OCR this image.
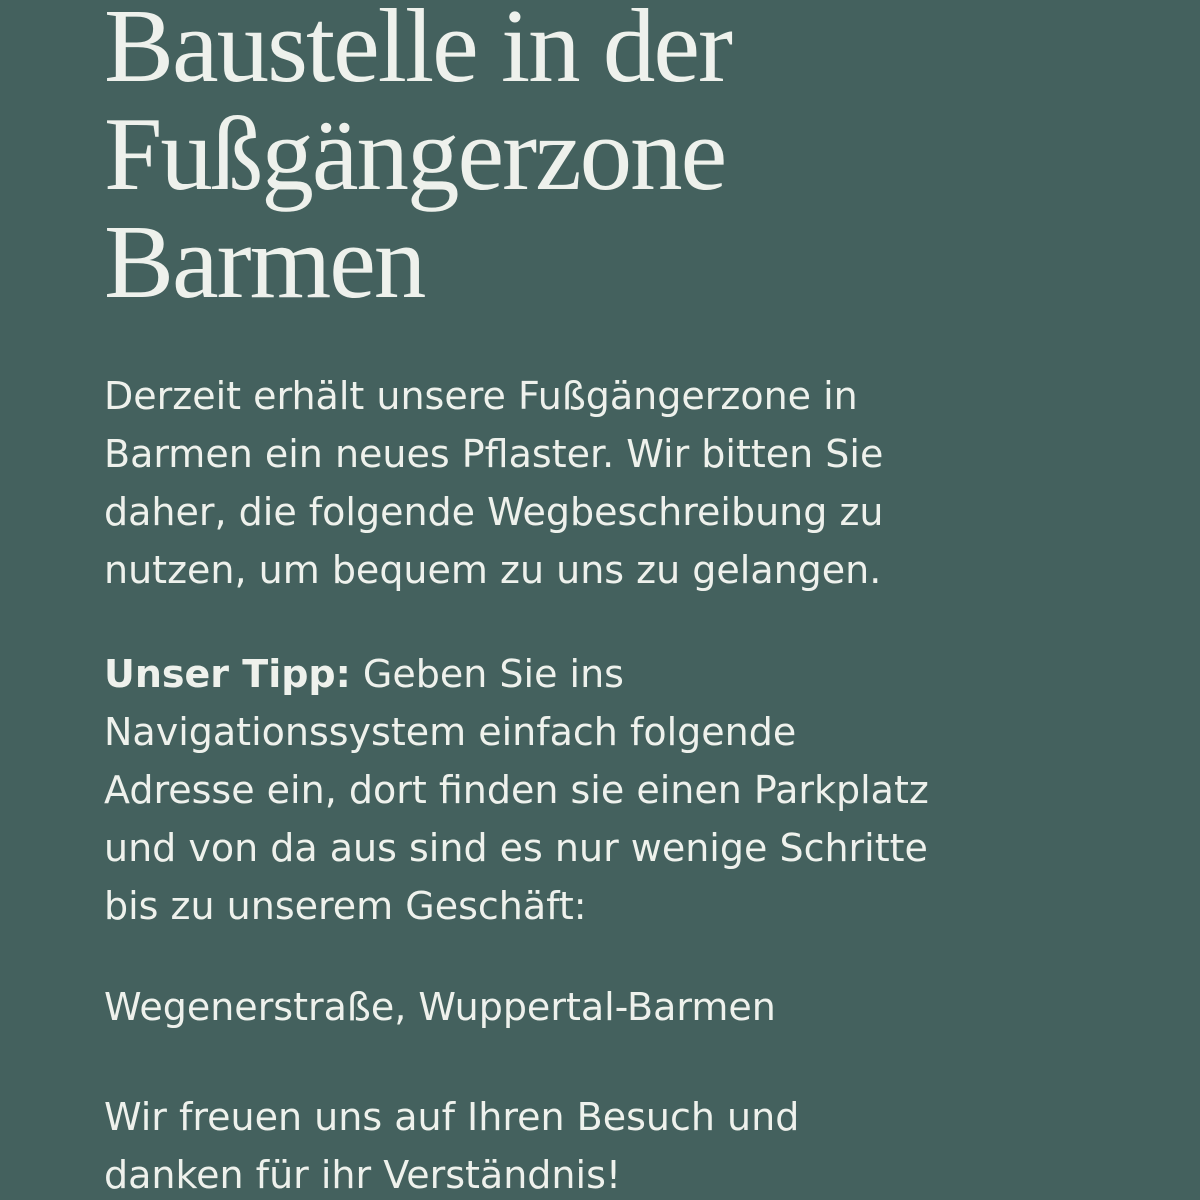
Baustelle in der
Fußgängerzone
Barmen

Derzeit erhält unsere Fußgängerzone in
Barmen ein neues Pflaster. Wir bitten Sie
daher, die folgende Wegbeschreibung zu
nutzen, um bequem zu uns zu gelangen.

Unser Tipp: Geben Sie ins
Navigationssystem einfach folgende
Adresse ein, dort finden sie einen Parkplatz
und von da aus sind es nur wenige Schritte
bis zu unserem Geschäft:

Wegenerstraße, Wuppertal-Barmen

Wir freuen uns auf Ihren Besuch und
danken für ihr Verständnis!
